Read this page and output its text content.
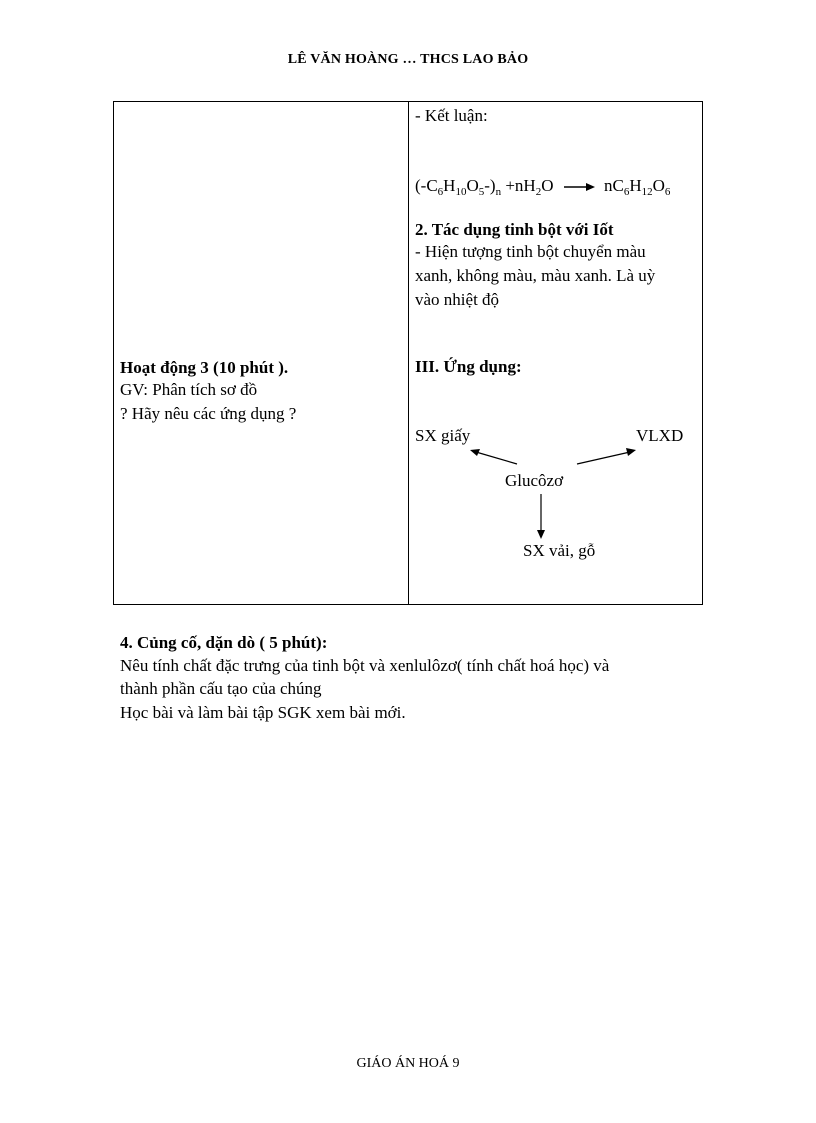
LÊ VĂN HOÀNG … THCS LAO BẢO
- Kết luận:
$(-C_6H_{10}O_5-)_n +nH_2O \to nC_6H_{12}O_6$
2. Tác dụng tinh bột với Iốt
- Hiện tượng tinh bột chuyển màu
xanh, không màu, màu xanh. Là uỳ
vào nhiệt độ
III. Ứng dụng:
Hoạt động 3 (10 phút ).
GV: Phân tích sơ đồ
? Hãy nêu các ứng dụng ?
SX giấy	VLXD
Glucôzơ
SX vải, gỗ
4. Củng cố, dặn dò ( 5 phút):
Nêu tính chất đặc trưng của tinh bột và xenlulôzơ( tính chất hoá học) và
thành phần cấu tạo của chúng
Học bài và làm bài tập SGK xem bài mới.
GIÁO ÁN HOÁ 9
